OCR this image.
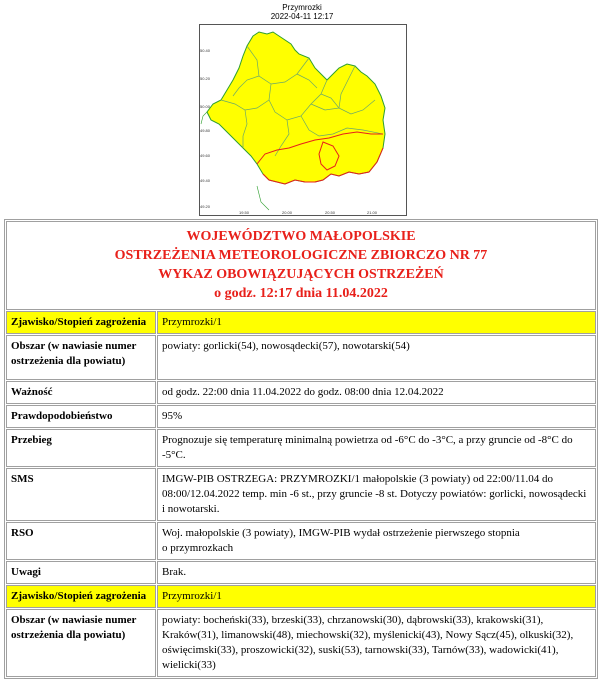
Przymrozki
2022-04-11 12:17
50.40
50.20
50.00
49.80
49.60
49.40
49.20
19.50	20.00	20.50	21.00
WOJEWÓDZTWO MAŁOPOLSKIE
OSTRZEŻENIA METEOROLOGICZNE ZBIORCZO NR 77
WYKAZ OBOWIĄZUJĄCYCH OSTRZEŻEŃ
o godz. 12:17 dnia 11.04.2022	

Zjawisko/Stopień zagrożenia	Przymrozki/1
Obszar (w nawiasie numer ostrzeżenia dla powiatu)	powiaty: gorlicki(54), nowosądecki(57), nowotarski(54)
Ważność	od godz. 22:00 dnia 11.04.2022 do godz. 08:00 dnia 12.04.2022
Prawdopodobieństwo	95%
Przebieg	Prognozuje się temperaturę minimalną powietrza od -6°C do -3°C, a przy gruncie od -8°C do -5°C.
SMS	IMGW-PIB OSTRZEGA: PRZYMROZKI/1 małopolskie (3 powiaty) od 22:00/11.04 do 08:00/12.04.2022 temp. min -6 st., przy gruncie -8 st. Dotyczy powiatów: gorlicki, nowosądecki i nowotarski.
RSO	Woj. małopolskie (3 powiaty), IMGW-PIB wydał ostrzeżenie pierwszego stopnia
o przymrozkach

Uwagi	Brak.
Zjawisko/Stopień zagrożenia	Przymrozki/1
Obszar (w nawiasie numer ostrzeżenia dla powiatu)	powiaty: bocheński(33), brzeski(33), chrzanowski(30), dąbrowski(33), krakowski(31), Kraków(31), limanowski(48), miechowski(32), myślenicki(43), Nowy Sącz(45), olkuski(32), oświęcimski(33), proszowicki(32), suski(53), tarnowski(33), Tarnów(33), wadowicki(41), wielicki(33)
